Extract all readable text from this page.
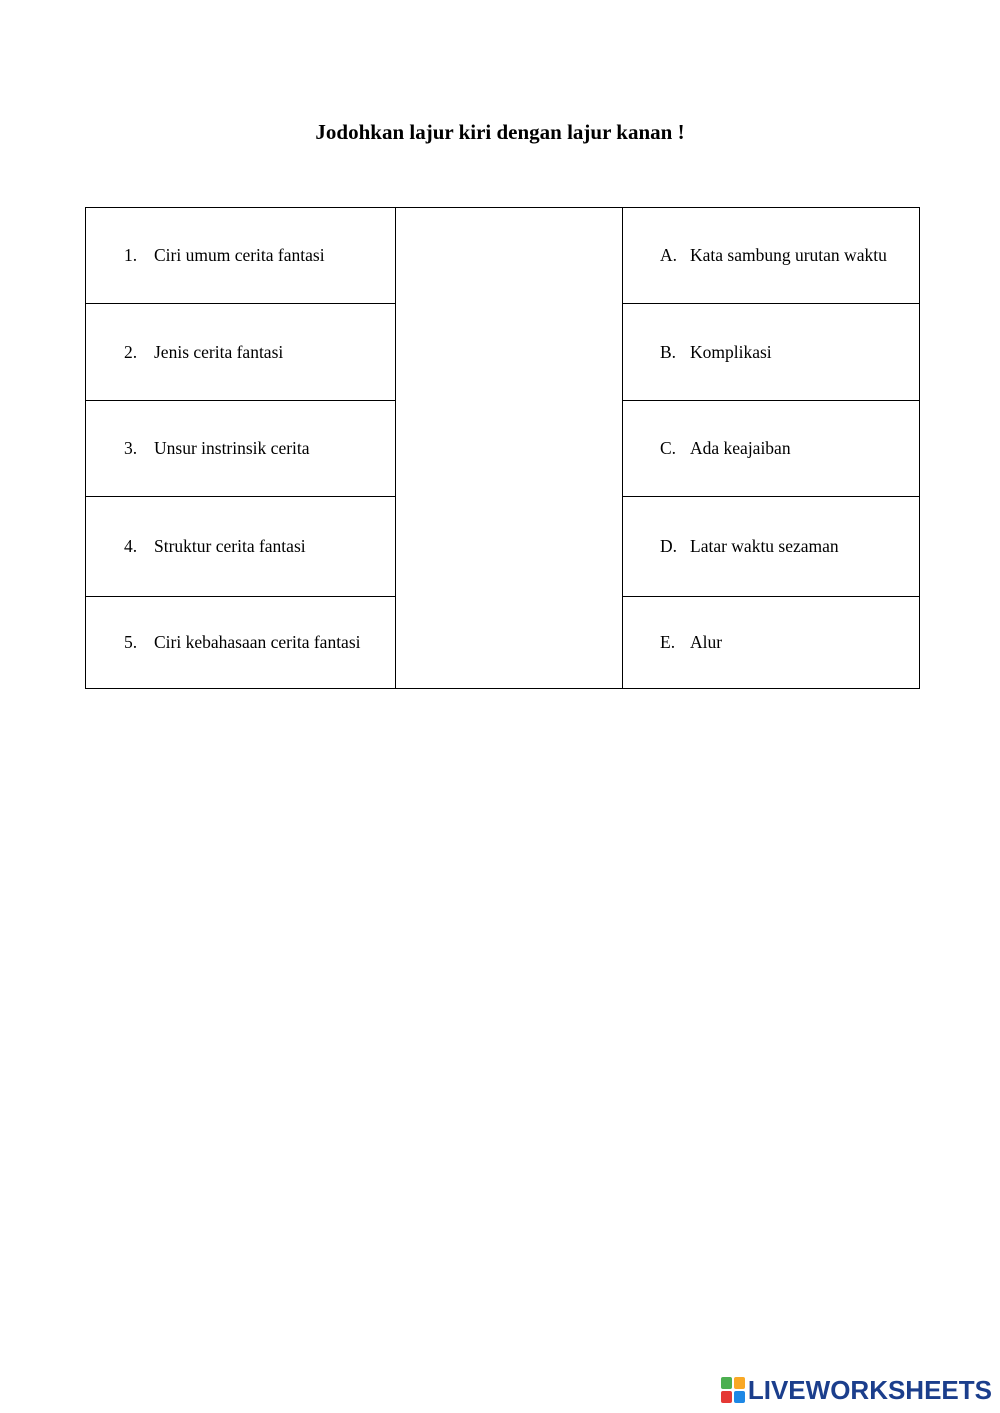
Jodohkan lajur kiri dengan lajur kanan !
1. Ciri umum cerita fantasi		A. Kata sambung urutan waktu

2. Jenis cerita fantasi		B. Komplikasi

3. Unsur instrinsik cerita		C. Ada keajaiban

4. Struktur cerita fantasi		D. Latar waktu sezaman

5. Ciri kebahasaan cerita fantasi		E. Alur
LIVEWORKSHEETS
